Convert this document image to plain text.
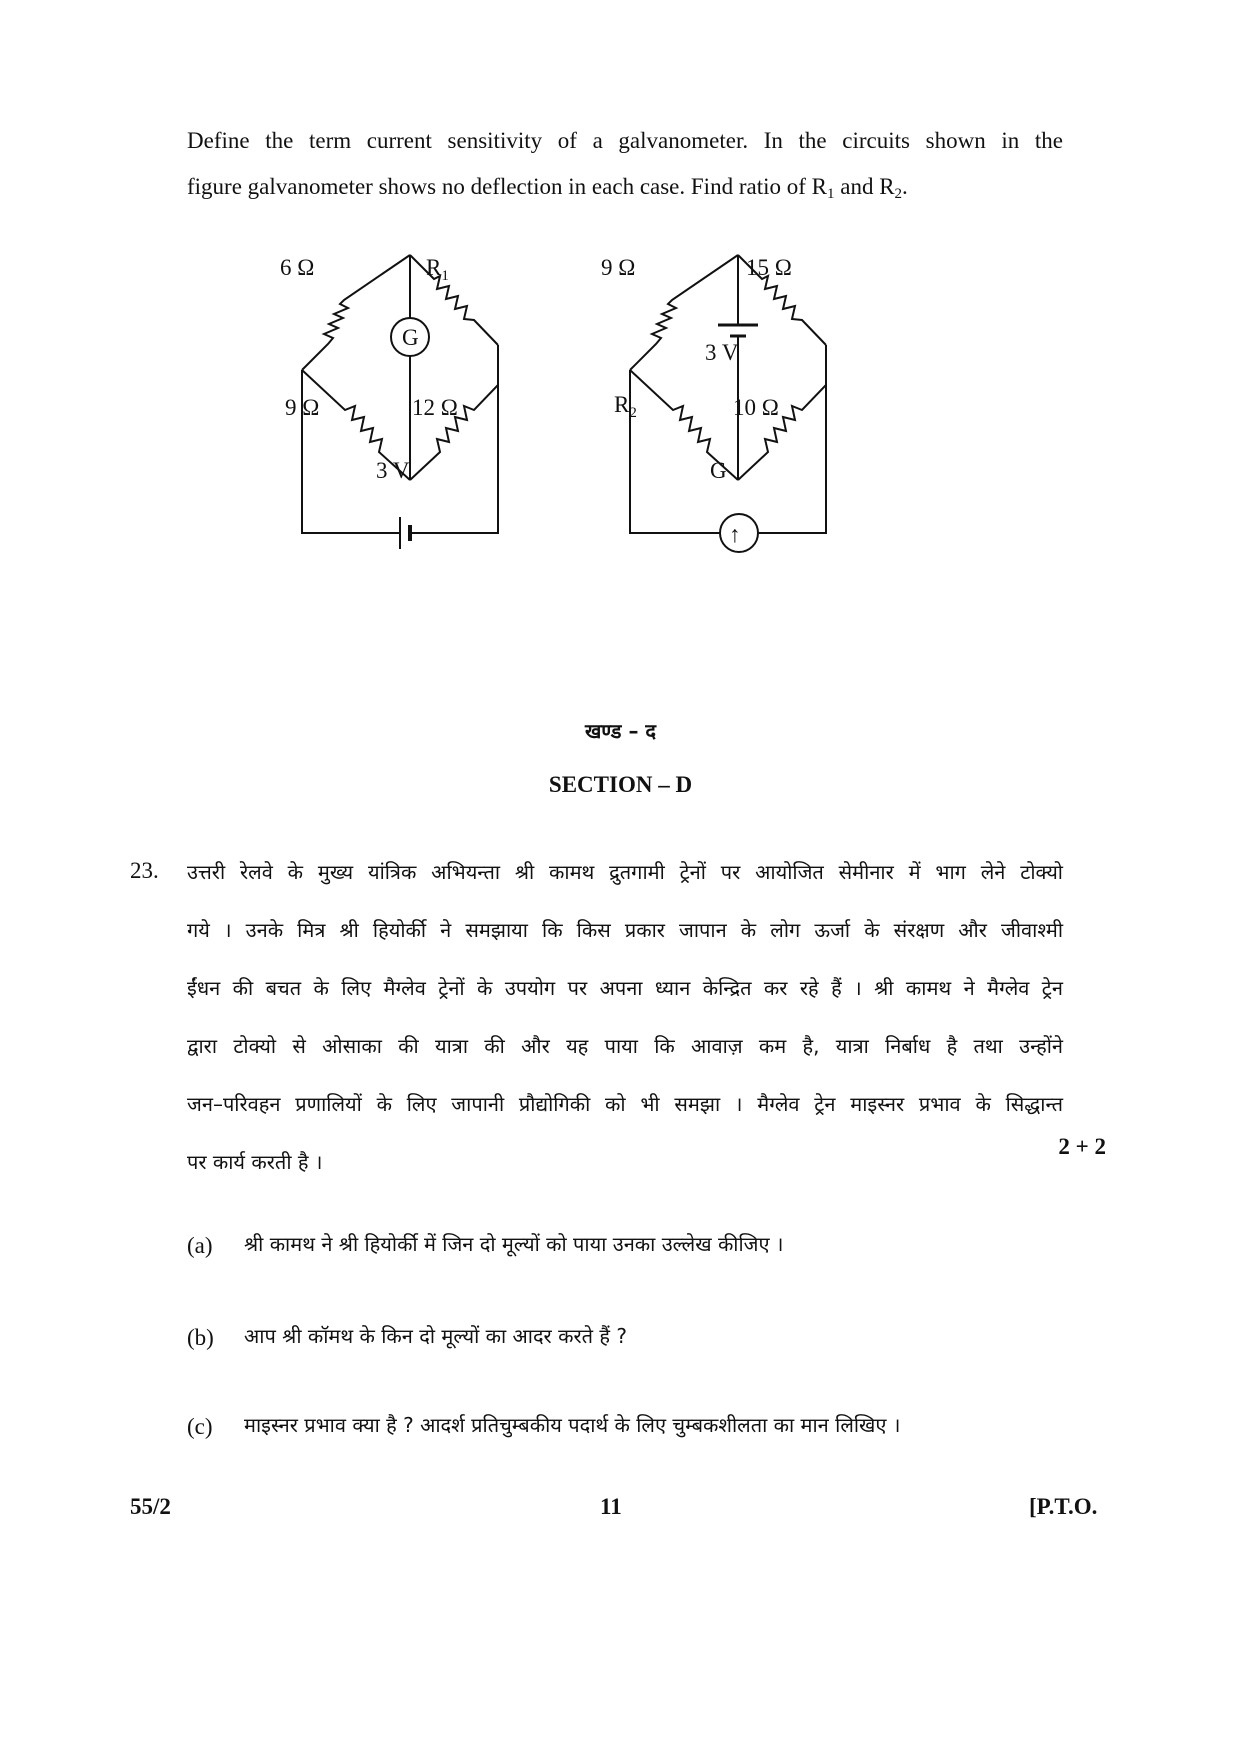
Define the term current sensitivity of a galvanometer. In the circuits shown in the
figure galvanometer shows no deflection in each case. Find ratio of $R_1$ and $R_2$.
6 Ω	$R_1$
G
9 Ω	12 Ω
3 V
9 Ω	15 Ω
3 V
$R_2$	10 Ω
G
↑
खण्ड – द
SECTION – D
23. उत्तरी रेलवे के मुख्य यांत्रिक अभियन्ता श्री कामथ द्रुतगामी ट्रेनों पर आयोजित सेमीनार में भाग लेने टोक्यो
गये । उनके मित्र श्री हियोर्की ने समझाया कि किस प्रकार जापान के लोग ऊर्जा के संरक्षण और जीवाश्मी
ईंधन की बचत के लिए मैग्लेव ट्रेनों के उपयोग पर अपना ध्यान केन्द्रित कर रहे हैं । श्री कामथ ने मैग्लेव ट्रेन
द्वारा टोक्यो से ओसाका की यात्रा की और यह पाया कि आवाज़ कम है, यात्रा निर्बाध है तथा उन्होंने
जन–परिवहन प्रणालियों के लिए जापानी प्रौद्योगिकी को भी समझा । मैग्लेव ट्रेन माइस्नर प्रभाव के सिद्धान्त
पर कार्य करती है ।
2 + 2
(a) श्री कामथ ने श्री हियोर्की में जिन दो मूल्यों को पाया उनका उल्लेख कीजिए ।
(b) आप श्री कॉमथ के किन दो मूल्यों का आदर करते हैं ?
(c) माइस्नर प्रभाव क्या है ? आदर्श प्रतिचुम्बकीय पदार्थ के लिए चुम्बकशीलता का मान लिखिए ।
55/2	11	[P.T.O.
